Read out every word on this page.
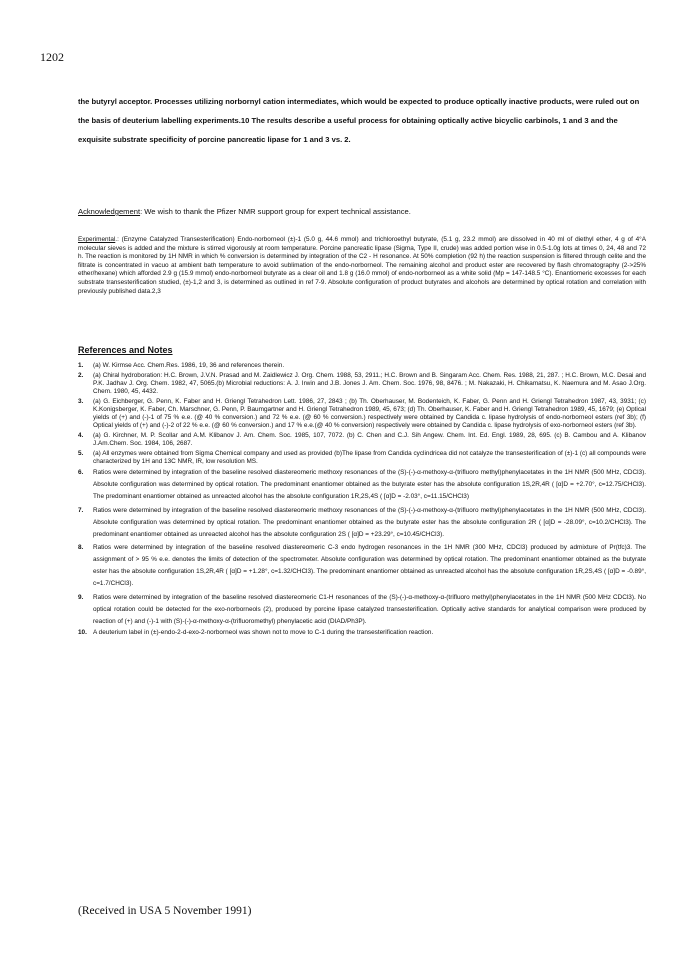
1202

the butyryl acceptor. Processes utilizing norbornyl cation intermediates, which would be expected to produce optically inactive products, were ruled out on the basis of deuterium labelling experiments.10 The results describe a useful process for obtaining optically active bicyclic carbinols, 1 and 3 and the exquisite substrate specificity of porcine pancreatic lipase for 1 and 3 vs. 2.

Acknowledgement: We wish to thank the Pfizer NMR support group for expert technical assistance.

Experimental.: (Enzyme Catalyzed Transesterification) Endo-norborneol (±)-1 (5.0 g, 44.6 mmol) and trichloroethyl butyrate, (5.1 g, 23.2 mmol) are dissolved in 40 ml of diethyl ether, 4 g of 4°A molecular sieves is added and the mixture is stirred vigorously at room temperature. Porcine pancreatic lipase (Sigma, Type II, crude) was added portion wise in 0.5-1.0g lots at times 0, 24, 48 and 72 h. The reaction is monitored by 1H NMR in which % conversion is determined by integration of the C2 - H resonance. At 50% completion (92 h) the reaction suspension is filtered through celite and the filtrate is concentrated in vacuo at ambient bath temperature to avoid sublimation of the endo-norborneol. The remaining alcohol and product ester are recovered by flash chromatography (2->25% ether/hexane) which afforded 2.9 g (15.9 mmol) endo-norborneol butyrate as a clear oil and 1.8 g (16.0 mmol) of endo-norborneol as a white solid (Mp = 147-148.5 °C). Enantiomeric excesses for each substrate transesterification studied, (±)-1,2 and 3, is determined as outlined in ref 7-9. Absolute configuration of product butyrates and alcohols are determined by optical rotation and correlation with previously published data.2,3

References and Notes
1. (a) W. Kirmse Acc. Chem.Res. 1986, 19, 36 and references therein.
2. (a) Chiral hydroboration: H.C. Brown, J.V.N. Prasad and M. Zaidlewicz J. Org. Chem. 1988, 53, 2911.; H.C. Brown and B. Singaram Acc. Chem. Res. 1988, 21, 287. ; H.C. Brown, M.C. Desai and P.K. Jadhav J. Org. Chem. 1982, 47, 5065.(b) Microbial reductions: A. J. Irwin and J.B. Jones J. Am. Chem. Soc. 1976, 98, 8476. ; M. Nakazaki, H. Chikamatsu, K. Naemura and M. Asao J.Org. Chem. 1980, 45, 4432.
3. (a) G. Eichberger, G. Penn, K. Faber and H. Griengl Tetrahedron Lett. 1986, 27, 2843 ; (b) Th. Oberhauser, M. Bodenteich, K. Faber, G. Penn and H. Griengl Tetrahedron 1987, 43, 3931; (c) K.Konigsberger, K. Faber, Ch. Marschner, G. Penn, P. Baumgartner and H. Griengl Tetrahedron 1989, 45, 673; (d) Th. Oberhauser, K. Faber and H. Griengl Tetrahedron 1989, 45, 1679; (e) Optical yields of (+) and (-)-1 of 75 % e.e. (@ 40 % conversion.) and 72 % e.e. (@ 60 % conversion.) respectively were obtained by Candida c. lipase hydrolysis of endo-norborneol esters (ref 3b); (f) Optical yields of (+) and (-)-2 of 22 % e.e. (@ 60 % conversion.) and 17 % e.e.(@ 40 % conversion) respectively were obtained by Candida c. lipase hydrolysis of exo-norborneol esters (ref 3b).
4. (a) G. Kirchner, M. P. Scollar and A.M. Klibanov J. Am. Chem. Soc. 1985, 107, 7072. (b) C. Chen and C.J. Sih Angew. Chem. Int. Ed. Engl. 1989, 28, 695. (c) B. Cambou and A. Klibanov J.Am.Chem. Soc. 1984, 106, 2687.
5. (a) All enzymes were obtained from Sigma Chemical company and used as provided (b)The lipase from Candida cyclindricea did not catalyze the transesterification of (±)-1 (c) all compounds were characterized by 1H and 13C NMR, IR, low resolution MS.
6. Ratios were determined by integration of the baseline resolved diastereomeric methoxy resonances of the (S)-(-)-α-methoxy-α-(trifluoro methyl)phenylacetates in the 1H NMR (500 MHz, CDCl3). Absolute configuration was determined by optical rotation. The predominant enantiomer obtained as the butyrate ester has the absolute configuration 1S,2R,4R ( [α]D = +2.70°, c=12.75/CHCl3). The predominant enantiomer obtained as unreacted alcohol has the absolute configuration 1R,2S,4S ( [α]D = -2.03°, c=11.15/CHCl3)
7. Ratios were determined by integration of the baseline resolved diastereomeric methoxy resonances of the (S)-(-)-α-methoxy-α-(trifluoro methyl)phenylacetates in the 1H NMR (500 MHz, CDCl3). Absolute configuration was determined by optical rotation. The predominant enantiomer obtained as the butyrate ester has the absolute configuration 2R ( [α]D = -28.09°, c=10.2/CHCl3). The predominant enantiomer obtained as unreacted alcohol has the absolute configuration 2S ( [α]D = +23.29°, c=10.45/CHCl3).
8. Ratios were determined by integration of the baseline resolved diastereomeric C-3 endo hydrogen resonances in the 1H NMR (300 MHz, CDCl3) produced by admixture of Pr(tfc)3. The assignment of > 95 % e.e. denotes the limits of detection of the spectrometer. Absolute configuration was determined by optical rotation. The predominant enantiomer obtained as the butyrate ester has the absolute configuration 1S,2R,4R ( [α]D = +1.28°, c=1.32/CHCl3). The predominant enantiomer obtained as unreacted alcohol has the absolute configuration 1R,2S,4S ( [α]D = -0.89°, c=1.7/CHCl3).
9. Ratios were determined by integration of the baseline resolved diastereomeric C1-H resonances of the (S)-(-)-α-methoxy-α-(trifluoro methyl)phenylacetates in the 1H NMR (500 MHz CDCl3). No optical rotation could be detected for the exo-norborneols (2), produced by porcine lipase catalyzed transesterification. Optically active standards for analytical comparison were produced by reaction of (+) and (-)-1 with (S)-(-)-α-methoxy-α-(trifluoromethyl) phenylacetic acid (DIAD/Ph3P).
10. A deuterium label in (±)-endo-2-d-exo-2-norborneol was shown not to move to C-1 during the transesterification reaction.

(Received in USA 5 November 1991)
